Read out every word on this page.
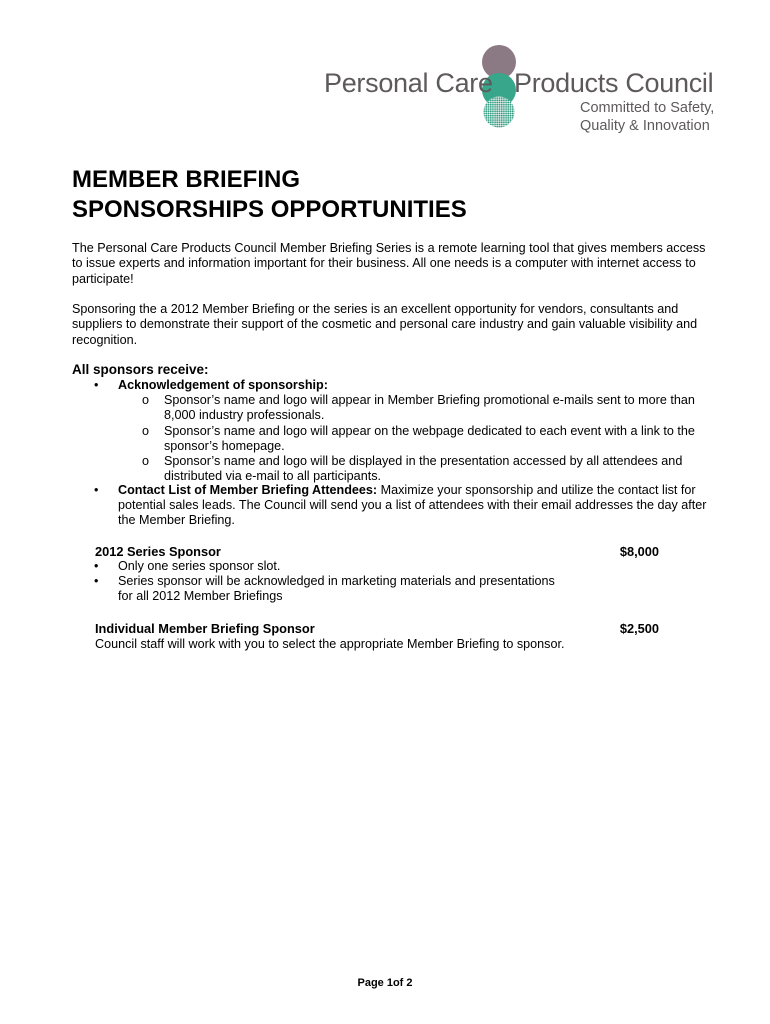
Personal Care Products Council
Committed to Safety,
Quality & Innovation
MEMBER BRIEFING
SPONSORSHIPS OPPORTUNITIES

The Personal Care Products Council Member Briefing Series is a remote learning tool that gives members access to issue experts and information important for their business. All one needs is a computer with internet access to participate!

Sponsoring the a 2012 Member Briefing or the series is an excellent opportunity for vendors, consultants and suppliers to demonstrate their support of the cosmetic and personal care industry and gain valuable visibility and recognition.

All sponsors receive:

• Acknowledgement of sponsorship:
o Sponsor’s name and logo will appear in Member Briefing promotional e-mails sent to more than 8,000 industry professionals.
o Sponsor’s name and logo will appear on the webpage dedicated to each event with a link to the sponsor’s homepage.
o Sponsor’s name and logo will be displayed in the presentation accessed by all attendees and distributed via e-mail to all participants.
• Contact List of Member Briefing Attendees: Maximize your sponsorship and utilize the contact list for potential sales leads. The Council will send you a list of attendees with their email addresses the day after the Member Briefing.
2012 Series Sponsor	$8,000
• Only one series sponsor slot.
• Series sponsor will be acknowledged in marketing materials and presentations for all 2012 Member Briefings
Individual Member Briefing Sponsor	$2,500

Council staff will work with you to select the appropriate Member Briefing to sponsor.

Page 1of 2
